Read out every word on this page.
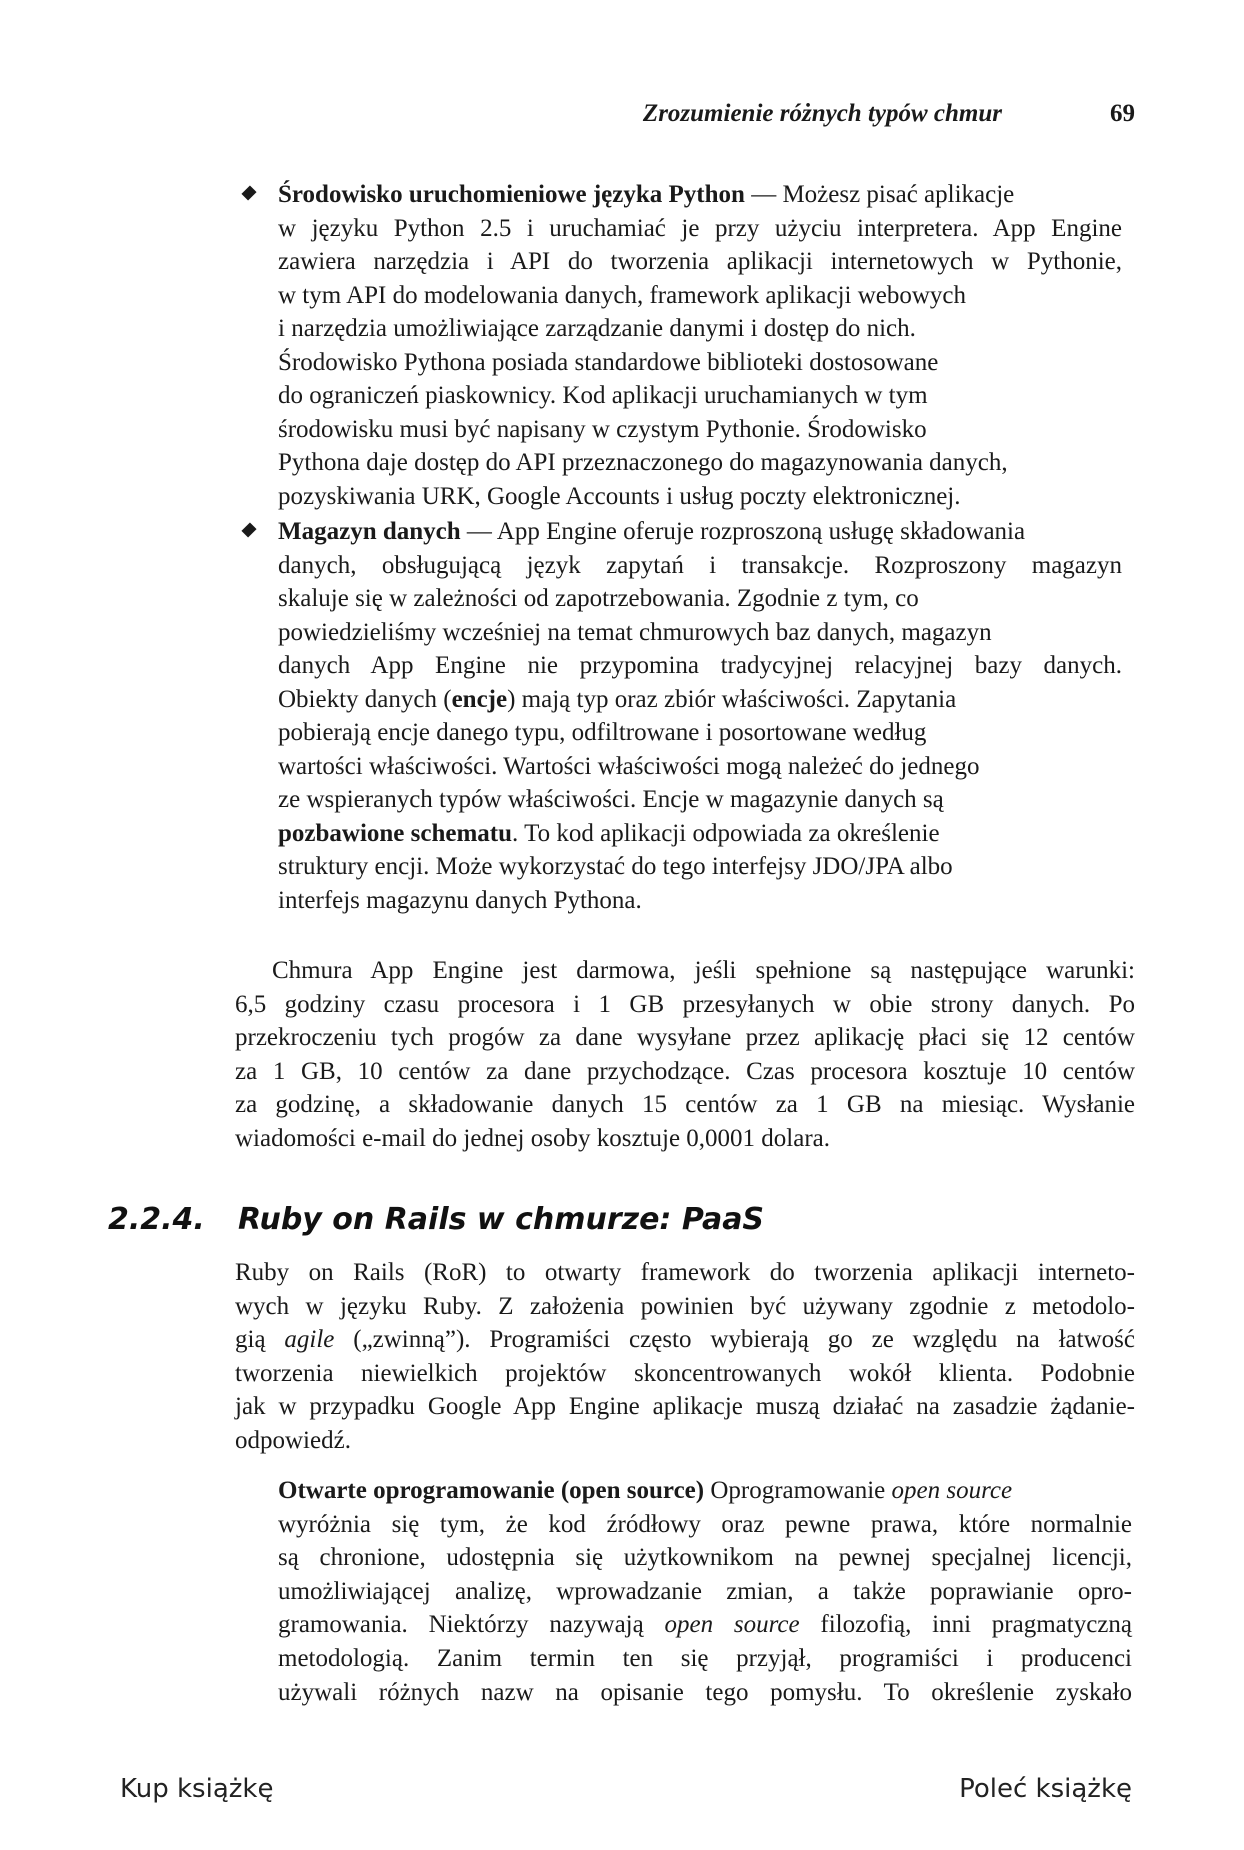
Zrozumienie różnych typów chmur	69
Środowisko uruchomieniowe języka Python — Możesz pisać aplikacje
w języku Python 2.5 i uruchamiać je przy użyciu interpretera. App Engine
zawiera narzędzia i API do tworzenia aplikacji internetowych w Pythonie,
w tym API do modelowania danych, framework aplikacji webowych
i narzędzia umożliwiające zarządzanie danymi i dostęp do nich.
Środowisko Pythona posiada standardowe biblioteki dostosowane
do ograniczeń piaskownicy. Kod aplikacji uruchamianych w tym
środowisku musi być napisany w czystym Pythonie. Środowisko
Pythona daje dostęp do API przeznaczonego do magazynowania danych,
pozyskiwania URK, Google Accounts i usług poczty elektronicznej.
Magazyn danych — App Engine oferuje rozproszoną usługę składowania
danych, obsługującą język zapytań i transakcje. Rozproszony magazyn
skaluje się w zależności od zapotrzebowania. Zgodnie z tym, co
powiedzieliśmy wcześniej na temat chmurowych baz danych, magazyn
danych App Engine nie przypomina tradycyjnej relacyjnej bazy danych.
Obiekty danych (encje) mają typ oraz zbiór właściwości. Zapytania
pobierają encje danego typu, odfiltrowane i posortowane według
wartości właściwości. Wartości właściwości mogą należeć do jednego
ze wspieranych typów właściwości. Encje w magazynie danych są
pozbawione schematu. To kod aplikacji odpowiada za określenie
struktury encji. Może wykorzystać do tego interfejsy JDO/JPA albo
interfejs magazynu danych Pythona.
Chmura App Engine jest darmowa, jeśli spełnione są następujące warunki:
6,5 godziny czasu procesora i 1 GB przesyłanych w obie strony danych. Po
przekroczeniu tych progów za dane wysyłane przez aplikację płaci się 12 centów
za 1 GB, 10 centów za dane przychodzące. Czas procesora kosztuje 10 centów
za godzinę, a składowanie danych 15 centów za 1 GB na miesiąc. Wysłanie
wiadomości e-mail do jednej osoby kosztuje 0,0001 dolara.
2.2.4. Ruby on Rails w chmurze: PaaS
Ruby on Rails (RoR) to otwarty framework do tworzenia aplikacji interneto-
wych w języku Ruby. Z założenia powinien być używany zgodnie z metodolo-
gią agile („zwinną”). Programiści często wybierają go ze względu na łatwość
tworzenia niewielkich projektów skoncentrowanych wokół klienta. Podobnie
jak w przypadku Google App Engine aplikacje muszą działać na zasadzie żądanie-
odpowiedź.
Otwarte oprogramowanie (open source) Oprogramowanie open source
wyróżnia się tym, że kod źródłowy oraz pewne prawa, które normalnie
są chronione, udostępnia się użytkownikom na pewnej specjalnej licencji,
umożliwiającej analizę, wprowadzanie zmian, a także poprawianie opro-
gramowania. Niektórzy nazywają open source filozofią, inni pragmatyczną
metodologią. Zanim termin ten się przyjął, programiści i producenci
używali różnych nazw na opisanie tego pomysłu. To określenie zyskało
Kup książkę	Poleć książkę
